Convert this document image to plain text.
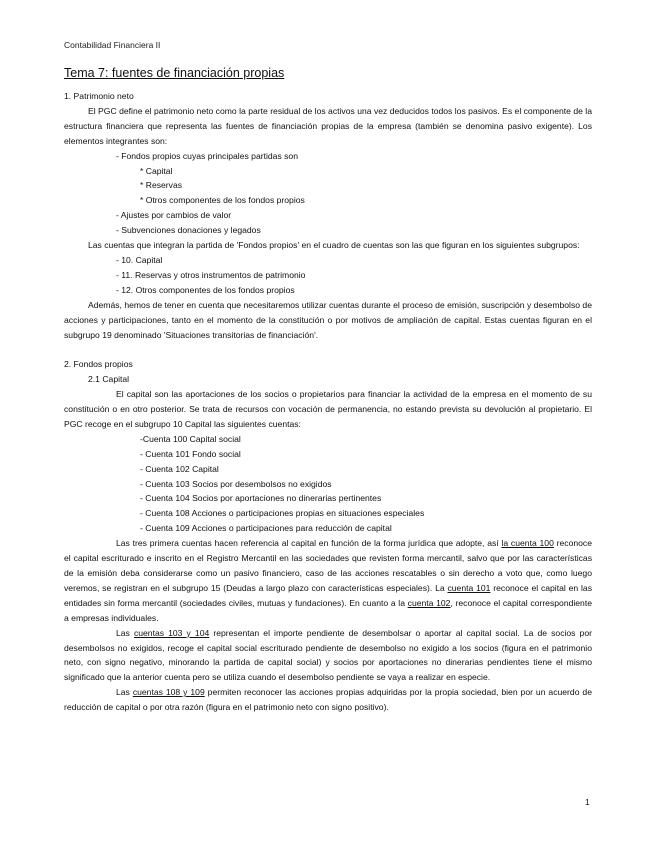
Contabilidad Financiera II
Tema 7: fuentes de financiación propias
1. Patrimonio neto

El PGC define el patrimonio neto como la parte residual de los activos una vez deducidos todos los pasivos. Es el componente de la estructura financiera que representa las fuentes de financiación propias de la empresa (también se denomina pasivo exigente). Los elementos integrantes son:

- Fondos propios cuyas principales partidas son
* Capital
* Reservas
* Otros componentes de los fondos propios
- Ajustes por cambios de valor
- Subvenciones donaciones y legados

Las cuentas que integran la partida de 'Fondos propios' en el cuadro de cuentas son las que figuran en los siguientes subgrupos:

- 10. Capital
- 11. Reservas y otros instrumentos de patrimonio
- 12. Otros componentes de los fondos propios

Además, hemos de tener en cuenta que necesitaremos utilizar cuentas durante el proceso de emisión, suscripción y desembolso de acciones y participaciones, tanto en el momento de la constitución o por motivos de ampliación de capital. Estas cuentas figuran en el subgrupo 19 denominado 'Situaciones transitorias de financiación'.

2. Fondos propios
2.1 Capital

El capital son las aportaciones de los socios o propietarios para financiar la actividad de la empresa en el momento de su constitución o en otro posterior. Se trata de recursos con vocación de permanencia, no estando prevista su devolución al propietario. El PGC recoge en el subgrupo 10 Capital las siguientes cuentas:

-Cuenta 100 Capital social
- Cuenta 101 Fondo social
- Cuenta 102 Capital
- Cuenta 103 Socios por desembolsos no exigidos
- Cuenta 104 Socios por aportaciones no dinerarias pertinentes
- Cuenta 108 Acciones o participaciones propias en situaciones especiales
- Cuenta 109 Acciones o participaciones para reducción de capital

Las tres primera cuentas hacen referencia al capital en función de la forma jurídica que adopte, así la cuenta 100 reconoce el capital escriturado e inscrito en el Registro Mercantil en las sociedades que revisten forma mercantil, salvo que por las características de la emisión deba considerarse como un pasivo financiero, caso de las acciones rescatables o sin derecho a voto que, como luego veremos, se registran en el subgrupo 15 (Deudas a largo plazo con características especiales). La cuenta 101 reconoce el capital en las entidades sin forma mercantil (sociedades civiles, mutuas y fundaciones). En cuanto a la cuenta 102, reconoce el capital correspondiente a empresas individuales.

Las cuentas 103 y 104 representan el importe pendiente de desembolsar o aportar al capital social. La de socios por desembolsos no exigidos, recoge el capital social escriturado pendiente de desembolso no exigido a los socios (figura en el patrimonio neto, con signo negativo, minorando la partida de capital social) y socios por aportaciones no dinerarias pendientes tiene el mismo significado que la anterior cuenta pero se utiliza cuando el desembolso pendiente se vaya a realizar en especie.

Las cuentas 108 y 109 permiten reconocer las acciones propias adquiridas por la propia sociedad, bien por un acuerdo de reducción de capital o por otra razón (figura en el patrimonio neto con signo positivo).

1
